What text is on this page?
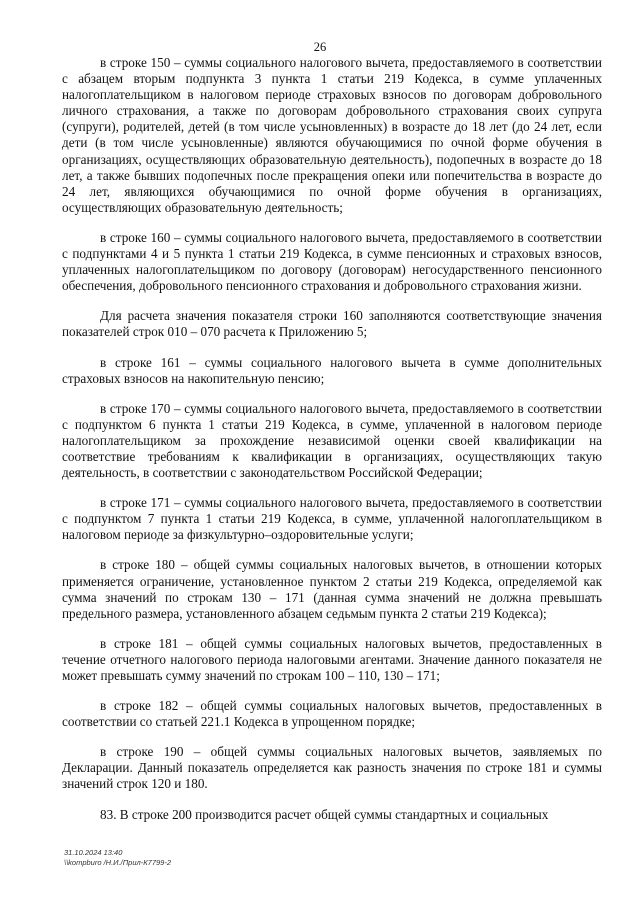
26

в строке 150 – суммы социального налогового вычета, предоставляемого в соответствии с абзацем вторым подпункта 3 пункта 1 статьи 219 Кодекса, в сумме уплаченных налогоплательщиком в налоговом периоде страховых взносов по договорам добровольного личного страхования, а также по договорам добровольного страхования своих супруга (супруги), родителей, детей (в том числе усыновленных) в возрасте до 18 лет (до 24 лет, если дети (в том числе усыновленные) являются обучающимися по очной форме обучения в организациях, осуществляющих образовательную деятельность), подопечных в возрасте до 18 лет, а также бывших подопечных после прекращения опеки или попечительства в возрасте до 24 лет, являющихся обучающимися по очной форме обучения в организациях, осуществляющих образовательную деятельность;

в строке 160 – суммы социального налогового вычета, предоставляемого в соответствии с подпунктами 4 и 5 пункта 1 статьи 219 Кодекса, в сумме пенсионных и страховых взносов, уплаченных налогоплательщиком по договору (договорам) негосударственного пенсионного обеспечения, добровольного пенсионного страхования и добровольного страхования жизни.

Для расчета значения показателя строки 160 заполняются соответствующие значения показателей строк 010 – 070 расчета к Приложению 5;

в строке 161 – суммы социального налогового вычета в сумме дополнительных страховых взносов на накопительную пенсию;

в строке 170 – суммы социального налогового вычета, предоставляемого в соответствии с подпунктом 6 пункта 1 статьи 219 Кодекса, в сумме, уплаченной в налоговом периоде налогоплательщиком за прохождение независимой оценки своей квалификации на соответствие требованиям к квалификации в организациях, осуществляющих такую деятельность, в соответствии с законодательством Российской Федерации;

в строке 171 – суммы социального налогового вычета, предоставляемого в соответствии с подпунктом 7 пункта 1 статьи 219 Кодекса, в сумме, уплаченной налогоплательщиком в налоговом периоде за физкультурно–оздоровительные услуги;

в строке 180 – общей суммы социальных налоговых вычетов, в отношении которых применяется ограничение, установленное пунктом 2 статьи 219 Кодекса, определяемой как сумма значений по строкам 130 – 171 (данная сумма значений не должна превышать предельного размера, установленного абзацем седьмым пункта 2 статьи 219 Кодекса);

в строке 181 – общей суммы социальных налоговых вычетов, предоставленных в течение отчетного налогового периода налоговыми агентами. Значение данного показателя не может превышать сумму значений по строкам 100 – 110, 130 – 171;

в строке 182 – общей суммы социальных налоговых вычетов, предоставленных в соответствии со статьей 221.1 Кодекса в упрощенном порядке;

в строке 190 – общей суммы социальных налоговых вычетов, заявляемых по Декларации. Данный показатель определяется как разность значения по строке 181 и суммы значений строк 120 и 180.

83. В строке 200 производится расчет общей суммы стандартных и социальных

31.10.2024 13:40
\\kompburo /Н.И./Прил-К7799-2
